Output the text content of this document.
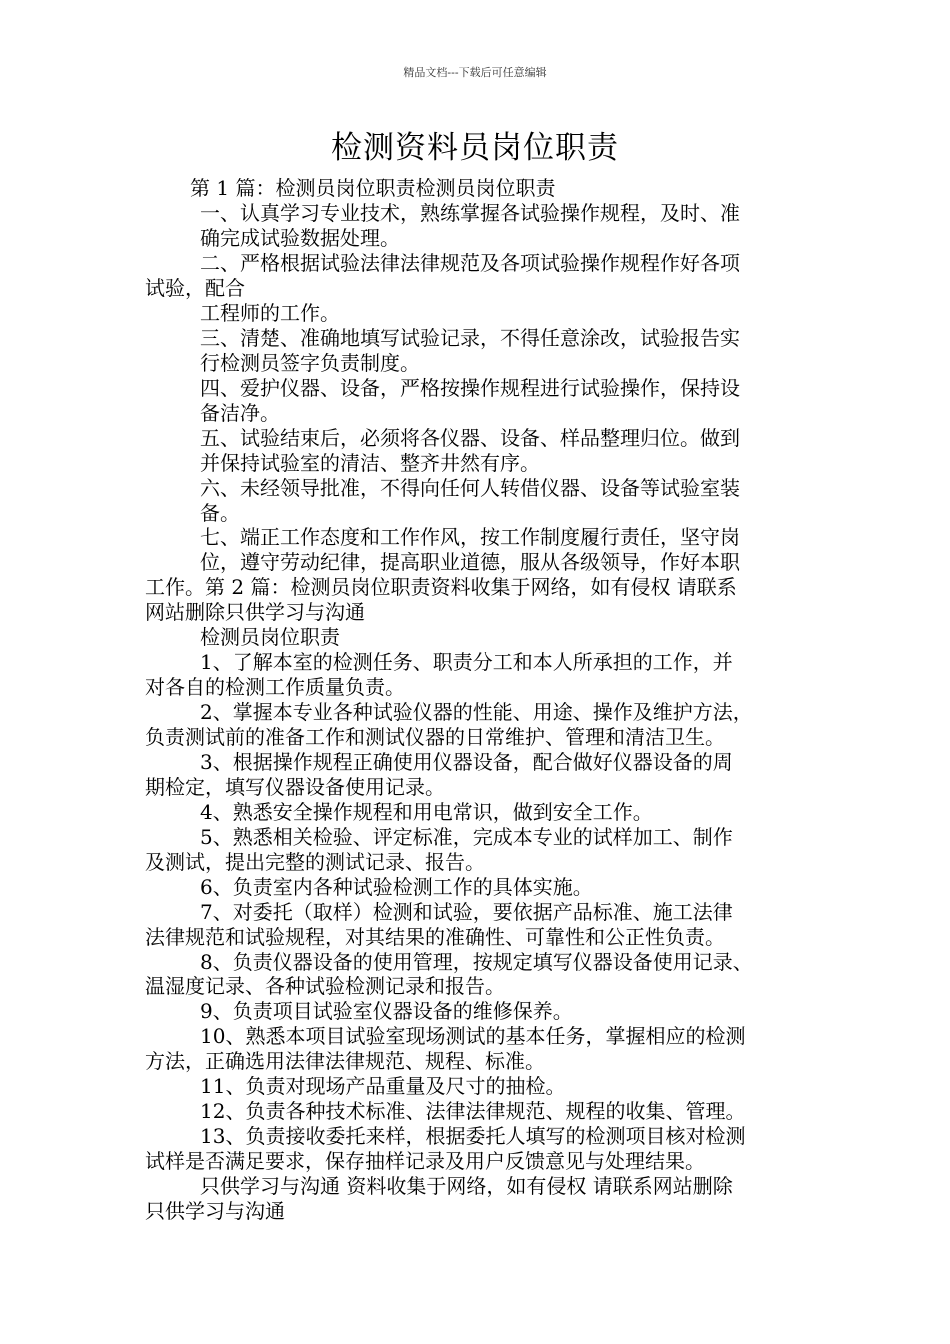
精品文档---下载后可任意编辑
检测资料员岗位职责

第 1 篇：检测员岗位职责检测员岗位职责

一、认真学习专业技术，熟练掌握各试验操作规程，及时、准

确完成试验数据处理。

二、严格根据试验法律法律规范及各项试验操作规程作好各项

试验，配合

工程师的工作。

三、清楚、准确地填写试验记录，不得任意涂改，试验报告实

行检测员签字负责制度。

四、爱护仪器、设备，严格按操作规程进行试验操作，保持设

备洁净。

五、试验结束后，必须将各仪器、设备、样品整理归位。做到

并保持试验室的清洁、整齐井然有序。

六、未经领导批准，不得向任何人转借仪器、设备等试验室装

备。

七、端正工作态度和工作作风，按工作制度履行责任，坚守岗

位，遵守劳动纪律，提高职业道德，服从各级领导，作好本职

工作。第 2 篇：检测员岗位职责资料收集于网络，如有侵权 请联系

网站删除只供学习与沟通

检测员岗位职责

1、了解本室的检测任务、职责分工和本人所承担的工作，并

对各自的检测工作质量负责。

2、掌握本专业各种试验仪器的性能、用途、操作及维护方法，

负责测试前的准备工作和测试仪器的日常维护、管理和清洁卫生。

3、根据操作规程正确使用仪器设备，配合做好仪器设备的周

期检定，填写仪器设备使用记录。

4、熟悉安全操作规程和用电常识，做到安全工作。

5、熟悉相关检验、评定标准，完成本专业的试样加工、制作

及测试，提出完整的测试记录、报告。

6、负责室内各种试验检测工作的具体实施。

7、对委托（取样）检测和试验，要依据产品标准、施工法律

法律规范和试验规程，对其结果的准确性、可靠性和公正性负责。

8、负责仪器设备的使用管理，按规定填写仪器设备使用记录、

温湿度记录、各种试验检测记录和报告。

9、负责项目试验室仪器设备的维修保养。

10、熟悉本项目试验室现场测试的基本任务，掌握相应的检测

方法，正确选用法律法律规范、规程、标准。

11、负责对现场产品重量及尺寸的抽检。

12、负责各种技术标准、法律法律规范、规程的收集、管理。

13、负责接收委托来样，根据委托人填写的检测项目核对检测

试样是否满足要求，保存抽样记录及用户反馈意见与处理结果。

只供学习与沟通 资料收集于网络，如有侵权 请联系网站删除

只供学习与沟通
